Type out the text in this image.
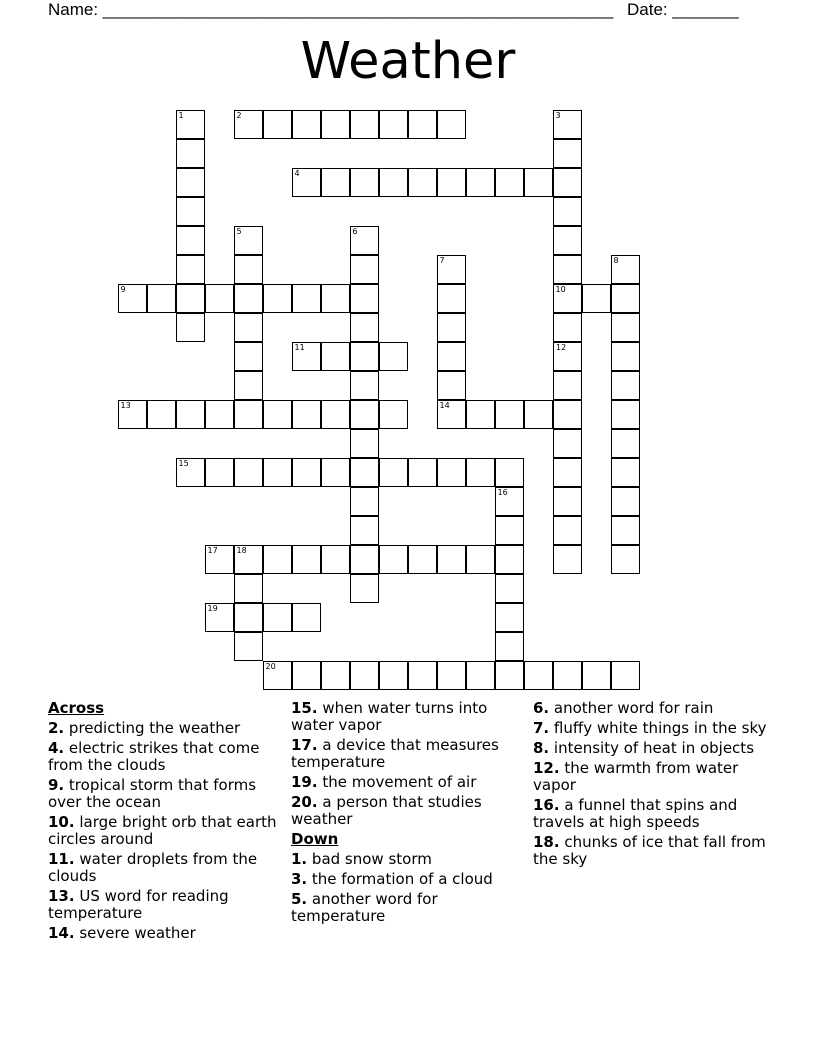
Name: ______________________________________________________ Date: _______
Weather
1	2	3
10
4
5	6
7
14
8
9
11	12
13
15
16
17 18
19
20
Across
2. predicting the weather
4. electric strikes that come from the clouds
9. tropical storm that forms over the ocean
10. large bright orb that earth circles around
11. water droplets from the clouds
13. US word for reading temperature
14. severe weather
15. when water turns into water vapor
17. a device that measures temperature
19. the movement of air
20. a person that studies weather
Down
1. bad snow storm
3. the formation of a cloud
5. another word for temperature
6. another word for rain
7. fluffy white things in the sky
8. intensity of heat in objects
12. the warmth from water vapor
16. a funnel that spins and travels at high speeds
18. chunks of ice that fall from the sky
